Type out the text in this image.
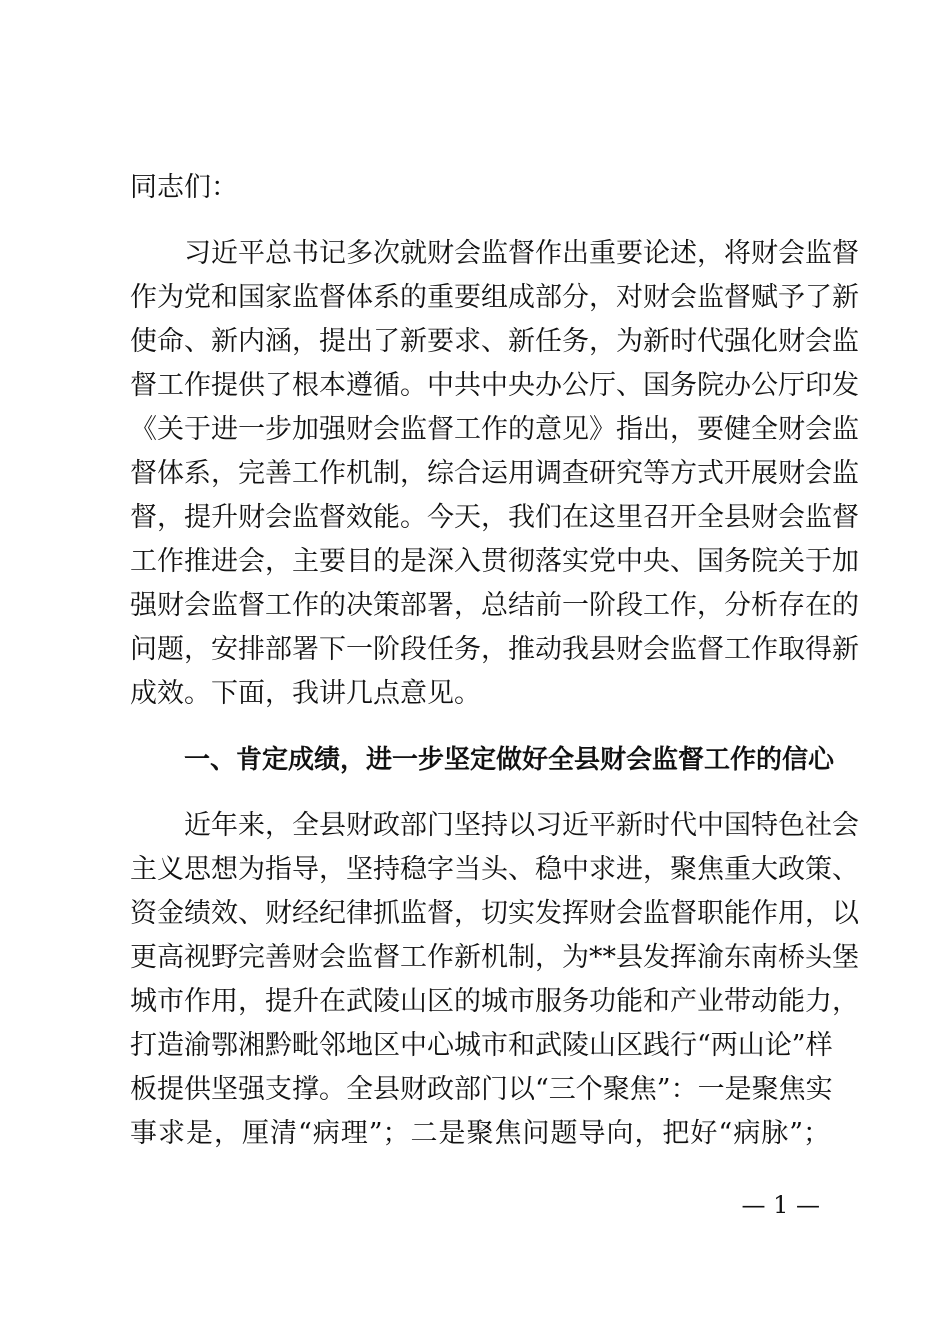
同志们：
习近平总书记多次就财会监督作出重要论述，将财会监督
作为党和国家监督体系的重要组成部分，对财会监督赋予了新
使命、新内涵，提出了新要求、新任务，为新时代强化财会监
督工作提供了根本遵循。中共中央办公厅、国务院办公厅印发
《关于进一步加强财会监督工作的意见》指出，要健全财会监
督体系，完善工作机制，综合运用调查研究等方式开展财会监
督，提升财会监督效能。今天，我们在这里召开全县财会监督
工作推进会，主要目的是深入贯彻落实党中央、国务院关于加
强财会监督工作的决策部署，总结前一阶段工作，分析存在的
问题，安排部署下一阶段任务，推动我县财会监督工作取得新
成效。下面，我讲几点意见。
一、肯定成绩，进一步坚定做好全县财会监督工作的信心
近年来，全县财政部门坚持以习近平新时代中国特色社会
主义思想为指导，坚持稳字当头、稳中求进，聚焦重大政策、
资金绩效、财经纪律抓监督，切实发挥财会监督职能作用，以
更高视野完善财会监督工作新机制，为**县发挥渝东南桥头堡
城市作用，提升在武陵山区的城市服务功能和产业带动能力，
打造渝鄂湘黔毗邻地区中心城市和武陵山区践行“两山论”样
板提供坚强支撑。全县财政部门以“三个聚焦”：一是聚焦实
事求是，厘清“病理”；二是聚焦问题导向，把好“病脉”；
— 1 —
